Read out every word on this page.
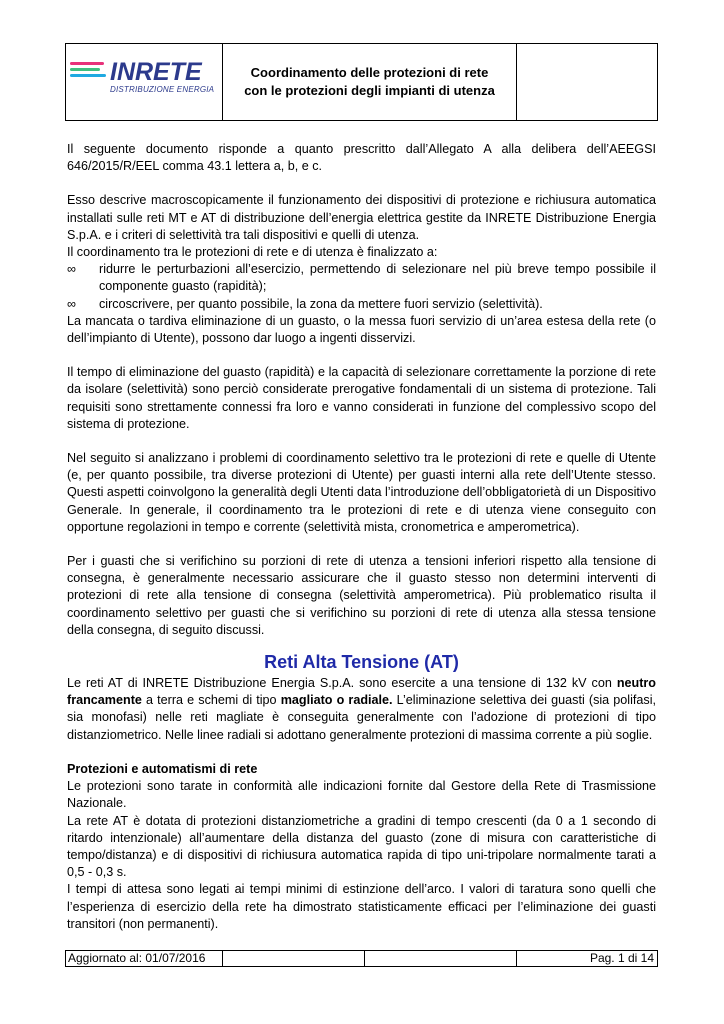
INRETE
DISTRIBUZIONE ENERGIA
Coordinamento delle protezioni di rete
con le protezioni degli impianti di utenza

Il seguente documento risponde a quanto prescritto dall’Allegato A alla delibera dell’AEEGSI 646/2015/R/EEL comma 43.1 lettera a, b, e c.

Esso descrive macroscopicamente il funzionamento dei dispositivi di protezione e richiusura automatica installati sulle reti MT e AT di distribuzione dell’energia elettrica gestite da INRETE Distribuzione Energia S.p.A. e i criteri di selettività tra tali dispositivi e quelli di utenza.

Il coordinamento tra le protezioni di rete e di utenza è finalizzato a:

∞	ridurre le perturbazioni all’esercizio, permettendo di selezionare nel più breve tempo possibile il componente guasto (rapidità);
∞	circoscrivere, per quanto possibile, la zona da mettere fuori servizio (selettività).

La mancata o tardiva eliminazione di un guasto, o la messa fuori servizio di un’area estesa della rete (o dell’impianto di Utente), possono dar luogo a ingenti disservizi.

Il tempo di eliminazione del guasto (rapidità) e la capacità di selezionare correttamente la porzione di rete da isolare (selettività) sono perciò considerate prerogative fondamentali di un sistema di protezione. Tali requisiti sono strettamente connessi fra loro e vanno considerati in funzione del complessivo scopo del sistema di protezione.

Nel seguito si analizzano i problemi di coordinamento selettivo tra le protezioni di rete e quelle di Utente (e, per quanto possibile, tra diverse protezioni di Utente) per guasti interni alla rete dell’Utente stesso. Questi aspetti coinvolgono la generalità degli Utenti data l’introduzione dell’obbligatorietà di un Dispositivo Generale. In generale, il coordinamento tra le protezioni di rete e di utenza viene conseguito con opportune regolazioni in tempo e corrente (selettività mista, cronometrica e amperometrica).

Per i guasti che si verifichino su porzioni di rete di utenza a tensioni inferiori rispetto alla tensione di consegna, è generalmente necessario assicurare che il guasto stesso non determini interventi di protezioni di rete alla tensione di consegna (selettività amperometrica). Più problematico risulta il coordinamento selettivo per guasti che si verifichino su porzioni di rete di utenza alla stessa tensione della consegna, di seguito discussi.

Reti Alta Tensione (AT)

Le reti AT di INRETE Distribuzione Energia S.p.A. sono esercite a una tensione di 132 kV con neutro francamente a terra e schemi di tipo magliato o radiale. L’eliminazione selettiva dei guasti (sia polifasi, sia monofasi) nelle reti magliate è conseguita generalmente con l’adozione di protezioni di tipo distanziometrico. Nelle linee radiali si adottano generalmente protezioni di massima corrente a più soglie.

Protezioni e automatismi di rete

Le protezioni sono tarate in conformità alle indicazioni fornite dal Gestore della Rete di Trasmissione Nazionale.

La rete AT è dotata di protezioni distanziometriche a gradini di tempo crescenti (da 0 a 1 secondo di ritardo intenzionale) all’aumentare della distanza del guasto (zone di misura con caratteristiche di tempo/distanza) e di dispositivi di richiusura automatica rapida di tipo uni-tripolare normalmente tarati a 0,5 - 0,3 s.

I tempi di attesa sono legati ai tempi minimi di estinzione dell’arco. I valori di taratura sono quelli che l’esperienza di esercizio della rete ha dimostrato statisticamente efficaci per l’eliminazione dei guasti transitori (non permanenti).

Aggiornato al: 01/07/2016	Pag. 1 di 14
